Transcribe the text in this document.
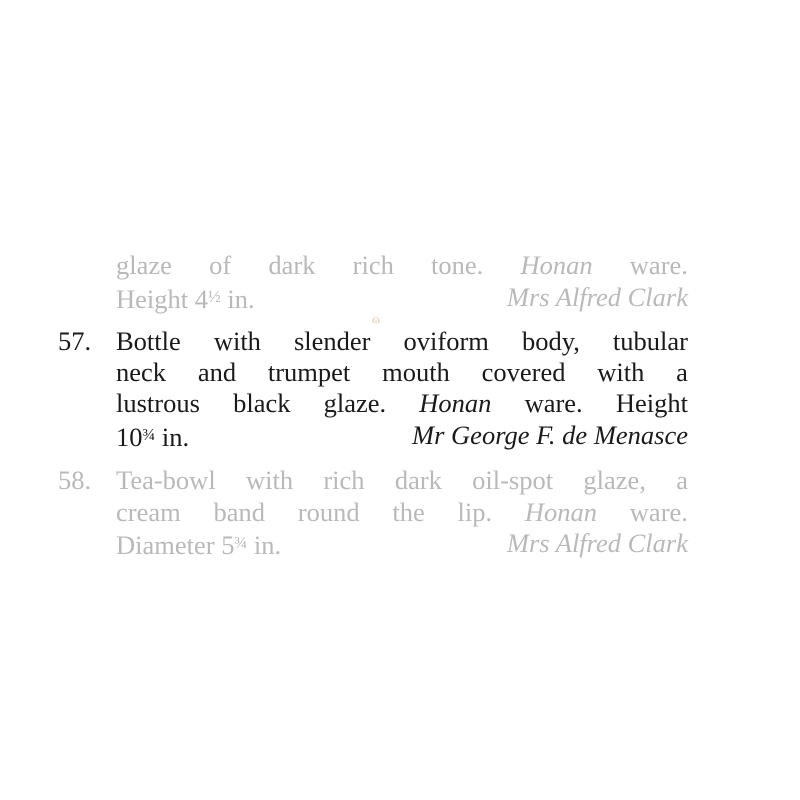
glaze of dark rich tone. Honan ware.
Height $4^{\frac{1}{2}}$ in.	Mrs Alfred Clark
57.
ɷ
Bottle with slender oviform body, tubular
neck and trumpet mouth covered with a
lustrous black glaze. Honan ware. Height
$10^{\frac{3}{4}}$ in.	Mr George F. de Menasce
58. Tea-bowl with rich dark oil-spot glaze, a
cream band round the lip. Honan ware.
Diameter $5^{\frac{3}{4}}$ in.	Mrs Alfred Clark
